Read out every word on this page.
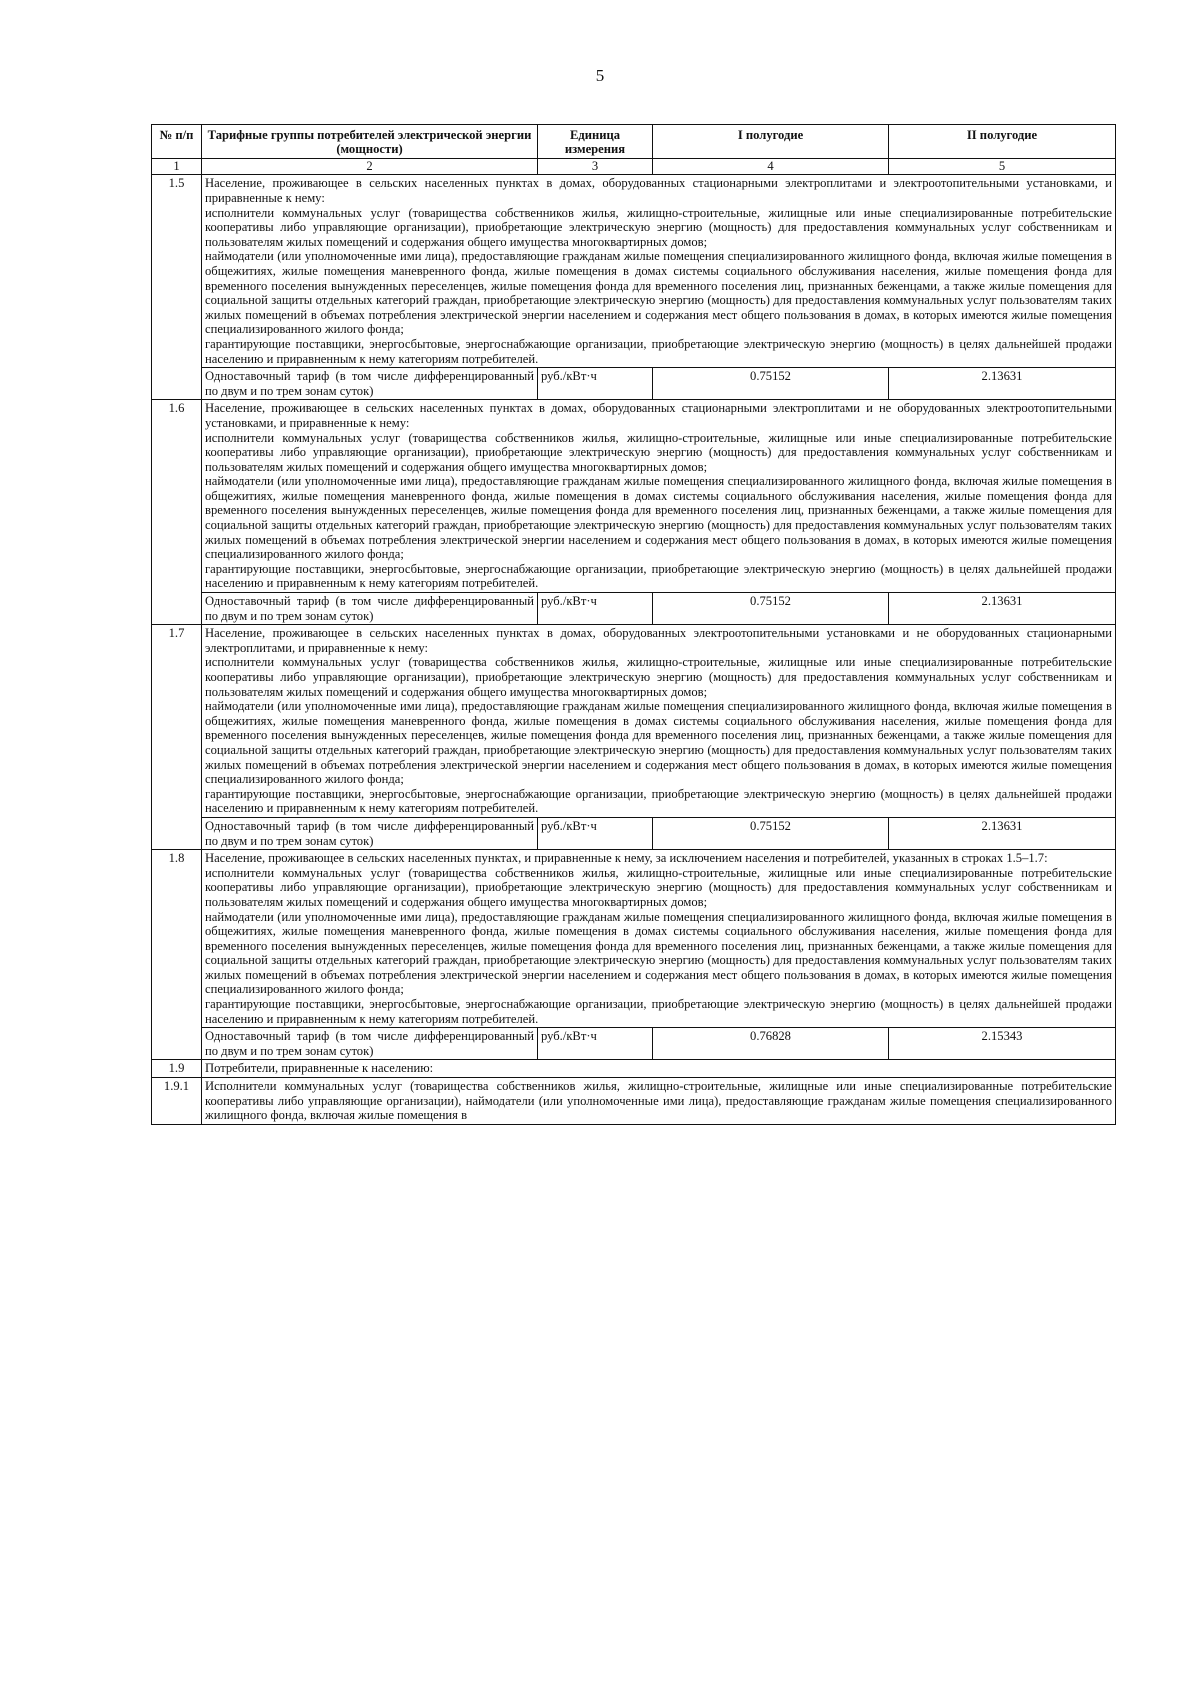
5
№ п/п	Тарифные группы потребителей электрической энергии (мощности)	Единица измерения	I полугодие	II полугодие
1	2	3	4	5
1.5	Население, проживающее в сельских населенных пунктах в домах, оборудованных стационарными электроплитами и электроотопительными установками, и приравненные к нему:

исполнители коммунальных услуг (товарищества собственников жилья, жилищно-строительные, жилищные или иные специализированные потребительские кооперативы либо управляющие организации), приобретающие электрическую энергию (мощность) для предоставления коммунальных услуг собственникам и пользователям жилых помещений и содержания общего имущества многоквартирных домов;

наймодатели (или уполномоченные ими лица), предоставляющие гражданам жилые помещения специализированного жилищного фонда, включая жилые помещения в общежитиях, жилые помещения маневренного фонда, жилые помещения в домах системы социального обслуживания населения, жилые помещения фонда для временного поселения вынужденных переселенцев, жилые помещения фонда для временного поселения лиц, признанных беженцами, а также жилые помещения для социальной защиты отдельных категорий граждан, приобретающие электрическую энергию (мощность) для предоставления коммунальных услуг пользователям таких жилых помещений в объемах потребления электрической энергии населением и содержания мест общего пользования в домах, в которых имеются жилые помещения специализированного жилого фонда;

гарантирующие поставщики, энергосбытовые, энергоснабжающие организации, приобретающие электрическую энергию (мощность) в целях дальнейшей продажи населению и приравненным к нему категориям потребителей.			

	Одноставочный тариф (в том числе дифференцированный по двум и по трем зонам суток)	руб./кВт·ч	0.75152	2.13631
1.6	Население, проживающее в сельских населенных пунктах в домах, оборудованных стационарными электроплитами и не оборудованных электроотопительными установками, и приравненные к нему:

исполнители коммунальных услуг (товарищества собственников жилья, жилищно-строительные, жилищные или иные специализированные потребительские кооперативы либо управляющие организации), приобретающие электрическую энергию (мощность) для предоставления коммунальных услуг собственникам и пользователям жилых помещений и содержания общего имущества многоквартирных домов;

наймодатели (или уполномоченные ими лица), предоставляющие гражданам жилые помещения специализированного жилищного фонда, включая жилые помещения в общежитиях, жилые помещения маневренного фонда, жилые помещения в домах системы социального обслуживания населения, жилые помещения фонда для временного поселения вынужденных переселенцев, жилые помещения фонда для временного поселения лиц, признанных беженцами, а также жилые помещения для социальной защиты отдельных категорий граждан, приобретающие электрическую энергию (мощность) для предоставления коммунальных услуг пользователям таких жилых помещений в объемах потребления электрической энергии населением и содержания мест общего пользования в домах, в которых имеются жилые помещения специализированного жилого фонда;

гарантирующие поставщики, энергосбытовые, энергоснабжающие организации, приобретающие электрическую энергию (мощность) в целях дальнейшей продажи населению и приравненным к нему категориям потребителей.			

	Одноставочный тариф (в том числе дифференцированный по двум и по трем зонам суток)	руб./кВт·ч	0.75152	2.13631
1.7	Население, проживающее в сельских населенных пунктах в домах, оборудованных электроотопительными установками и не оборудованных стационарными электроплитами, и приравненные к нему:

исполнители коммунальных услуг (товарищества собственников жилья, жилищно-строительные, жилищные или иные специализированные потребительские кооперативы либо управляющие организации), приобретающие электрическую энергию (мощность) для предоставления коммунальных услуг собственникам и пользователям жилых помещений и содержания общего имущества многоквартирных домов;

наймодатели (или уполномоченные ими лица), предоставляющие гражданам жилые помещения специализированного жилищного фонда, включая жилые помещения в общежитиях, жилые помещения маневренного фонда, жилые помещения в домах системы социального обслуживания населения, жилые помещения фонда для временного поселения вынужденных переселенцев, жилые помещения фонда для временного поселения лиц, признанных беженцами, а также жилые помещения для социальной защиты отдельных категорий граждан, приобретающие электрическую энергию (мощность) для предоставления коммунальных услуг пользователям таких жилых помещений в объемах потребления электрической энергии населением и содержания мест общего пользования в домах, в которых имеются жилые помещения специализированного жилого фонда;

гарантирующие поставщики, энергосбытовые, энергоснабжающие организации, приобретающие электрическую энергию (мощность) в целях дальнейшей продажи населению и приравненным к нему категориям потребителей.			

	Одноставочный тариф (в том числе дифференцированный по двум и по трем зонам суток)	руб./кВт·ч	0.75152	2.13631
1.8	Население, проживающее в сельских населенных пунктах, и приравненные к нему, за исключением населения и потребителей, указанных в строках 1.5–1.7:

исполнители коммунальных услуг (товарищества собственников жилья, жилищно-строительные, жилищные или иные специализированные потребительские кооперативы либо управляющие организации), приобретающие электрическую энергию (мощность) для предоставления коммунальных услуг собственникам и пользователям жилых помещений и содержания общего имущества многоквартирных домов;

наймодатели (или уполномоченные ими лица), предоставляющие гражданам жилые помещения специализированного жилищного фонда, включая жилые помещения в общежитиях, жилые помещения маневренного фонда, жилые помещения в домах системы социального обслуживания населения, жилые помещения фонда для временного поселения вынужденных переселенцев, жилые помещения фонда для временного поселения лиц, признанных беженцами, а также жилые помещения для социальной защиты отдельных категорий граждан, приобретающие электрическую энергию (мощность) для предоставления коммунальных услуг пользователям таких жилых помещений в объемах потребления электрической энергии населением и содержания мест общего пользования в домах, в которых имеются жилые помещения специализированного жилого фонда;

гарантирующие поставщики, энергосбытовые, энергоснабжающие организации, приобретающие электрическую энергию (мощность) в целях дальнейшей продажи населению и приравненным к нему категориям потребителей.			

	Одноставочный тариф (в том числе дифференцированный по двум и по трем зонам суток)	руб./кВт·ч	0.76828	2.15343
1.9	Потребители, приравненные к населению:			
1.9.1	Исполнители коммунальных услуг (товарищества собственников жилья, жилищно-строительные, жилищные или иные специализированные потребительские кооперативы либо управляющие организации), наймодатели (или уполномоченные ими лица), предоставляющие гражданам жилые помещения специализированного жилищного фонда, включая жилые помещения в			
